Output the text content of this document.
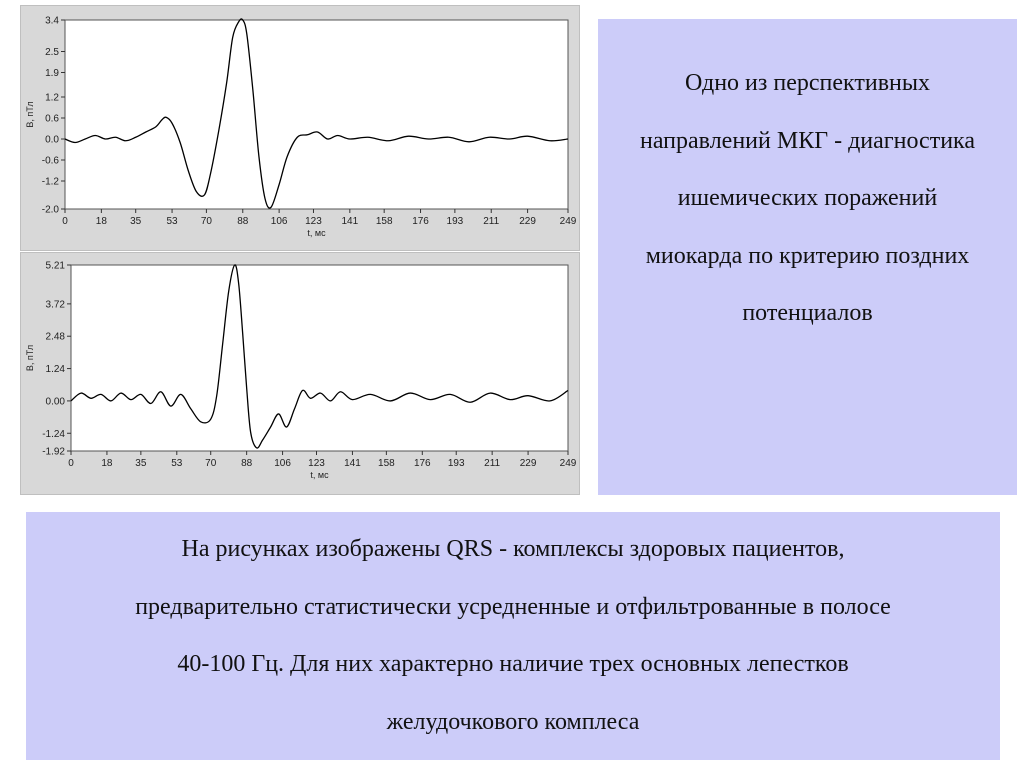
3.4
2.5
1.9
1.2
0.6
0.0
-0.6
-1.2
-2.0
0	18 35	53 70	88 106 123 141 158 176 193 211 229 249
t, мс
B, пТл
5.21
3.72
2.48
1.24
0.00
-1.24
-1.92
0	18 35 53 70 88 106 123 141 158 176 193 211 229 249
t, мс
B, пТл
Одно из перспективных
направлений МКГ - диагностика
ишемических поражений
миокарда по критерию поздних
потенциалов
На рисунках изображены QRS - комплексы здоровых пациентов,
предварительно статистически усредненные и отфильтрованные в полосе
40-100 Гц. Для них характерно наличие трех основных лепестков
желудочкового комплеса
